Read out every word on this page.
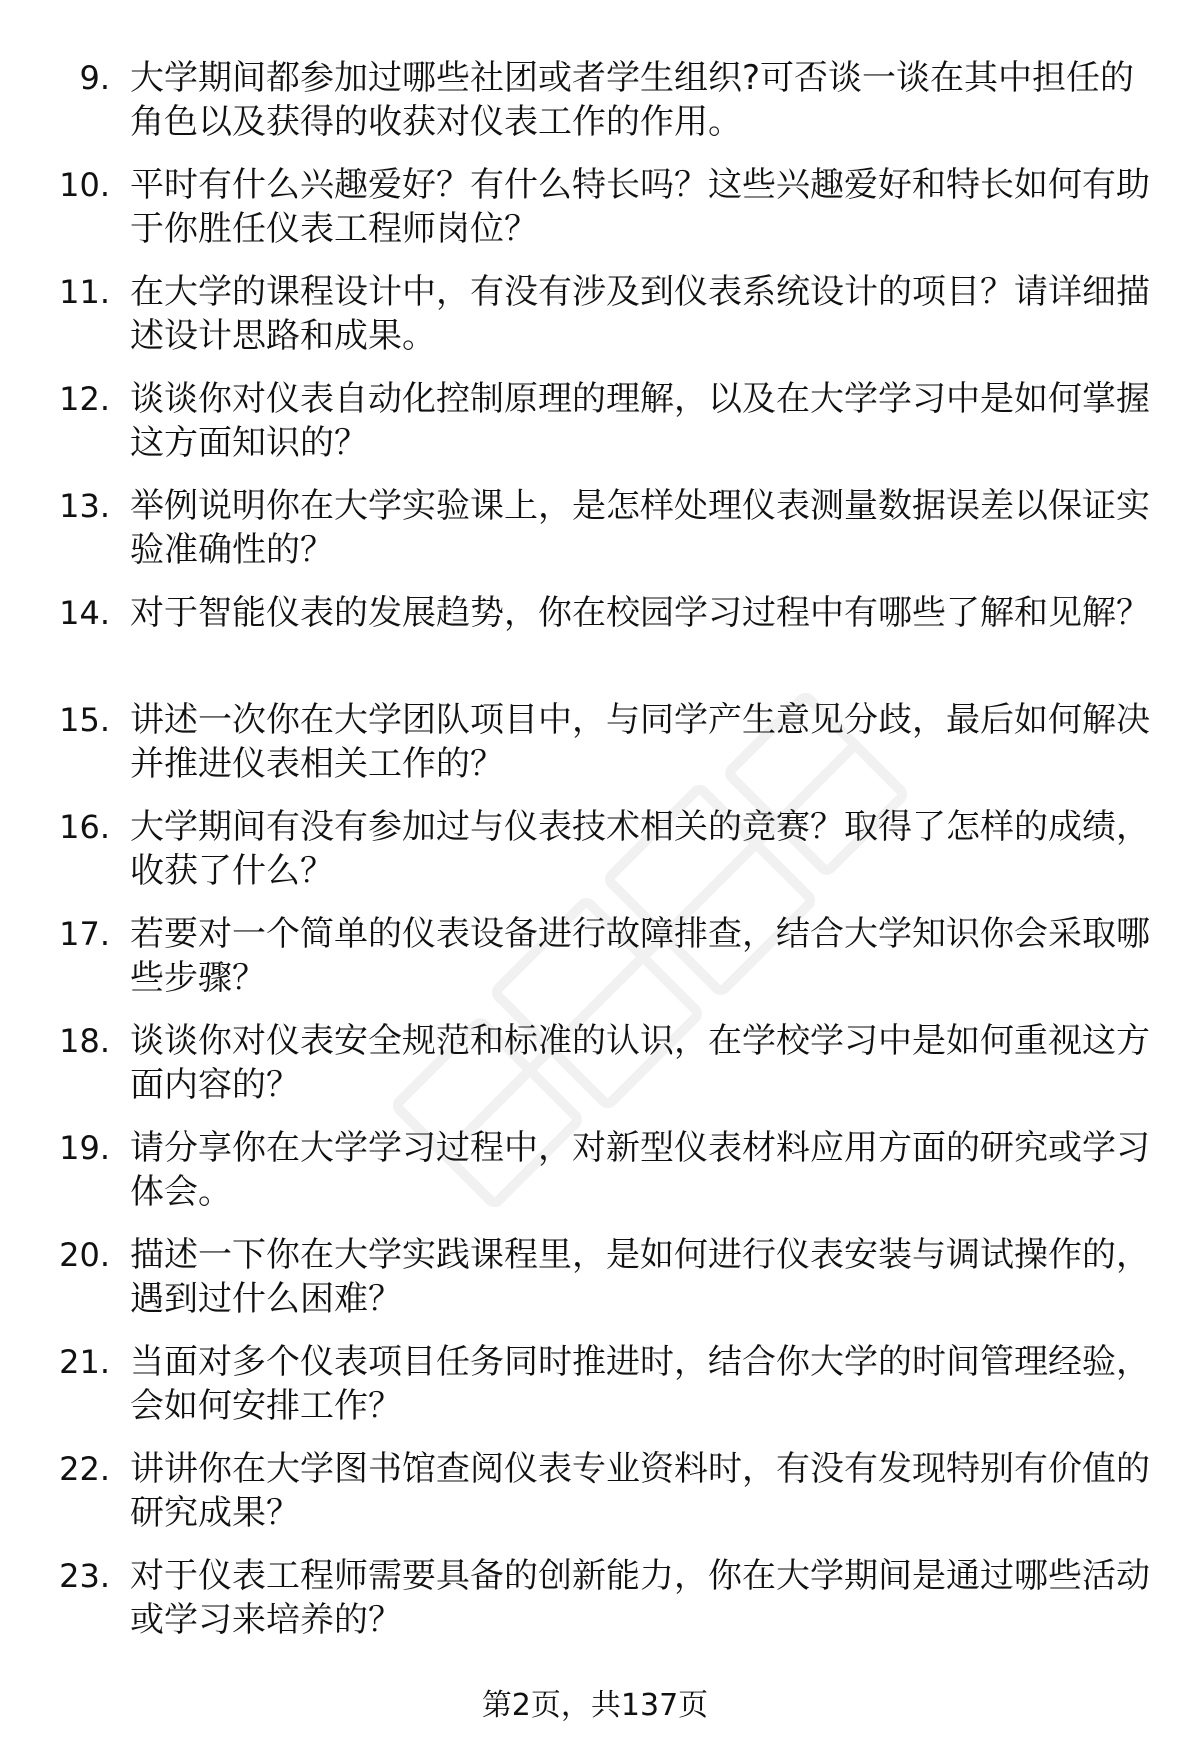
9. 大学期间都参加过哪些社团或者学生组织?可否谈一谈在其中担任的角色以及获得的收获对仪表工作的作用。
10. 平时有什么兴趣爱好？有什么特长吗？这些兴趣爱好和特长如何有助于你胜任仪表工程师岗位？
11. 在大学的课程设计中，有没有涉及到仪表系统设计的项目？请详细描述设计思路和成果。
12. 谈谈你对仪表自动化控制原理的理解，以及在大学学习中是如何掌握这方面知识的？
13. 举例说明你在大学实验课上，是怎样处理仪表测量数据误差以保证实验准确性的？
14. 对于智能仪表的发展趋势，你在校园学习过程中有哪些了解和见解？
15. 讲述一次你在大学团队项目中，与同学产生意见分歧，最后如何解决并推进仪表相关工作的？
16. 大学期间有没有参加过与仪表技术相关的竞赛？取得了怎样的成绩，收获了什么？
17. 若要对一个简单的仪表设备进行故障排查，结合大学知识你会采取哪些步骤？
18. 谈谈你对仪表安全规范和标准的认识，在学校学习中是如何重视这方面内容的？
19. 请分享你在大学学习过程中，对新型仪表材料应用方面的研究或学习体会。
20. 描述一下你在大学实践课程里，是如何进行仪表安装与调试操作的，遇到过什么困难？
21. 当面对多个仪表项目任务同时推进时，结合你大学的时间管理经验，会如何安排工作？
22. 讲讲你在大学图书馆查阅仪表专业资料时，有没有发现特别有价值的研究成果？
23. 对于仪表工程师需要具备的创新能力，你在大学期间是通过哪些活动或学习来培养的？
第2页，共137页
